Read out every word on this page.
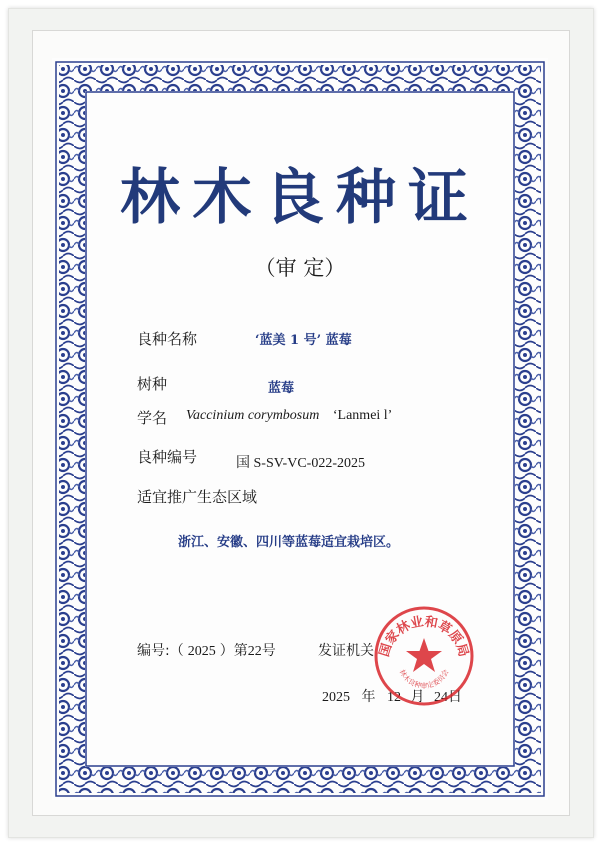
林木良种证
（审 定）
良种名称	‘蓝美 1 号’ 蓝莓
树种	蓝莓
学名 Vaccinium corymbosum ‘Lanmei l’
良种编号	国 S-SV-VC-022-2025
适宜推广生态区域
浙江、安徽、四川等蓝莓适宜栽培区。
编号:（ 2025 ）第22号	发证机关
2025 年 12 月 24日
国家林业和草原局
林木良种审定委员会
